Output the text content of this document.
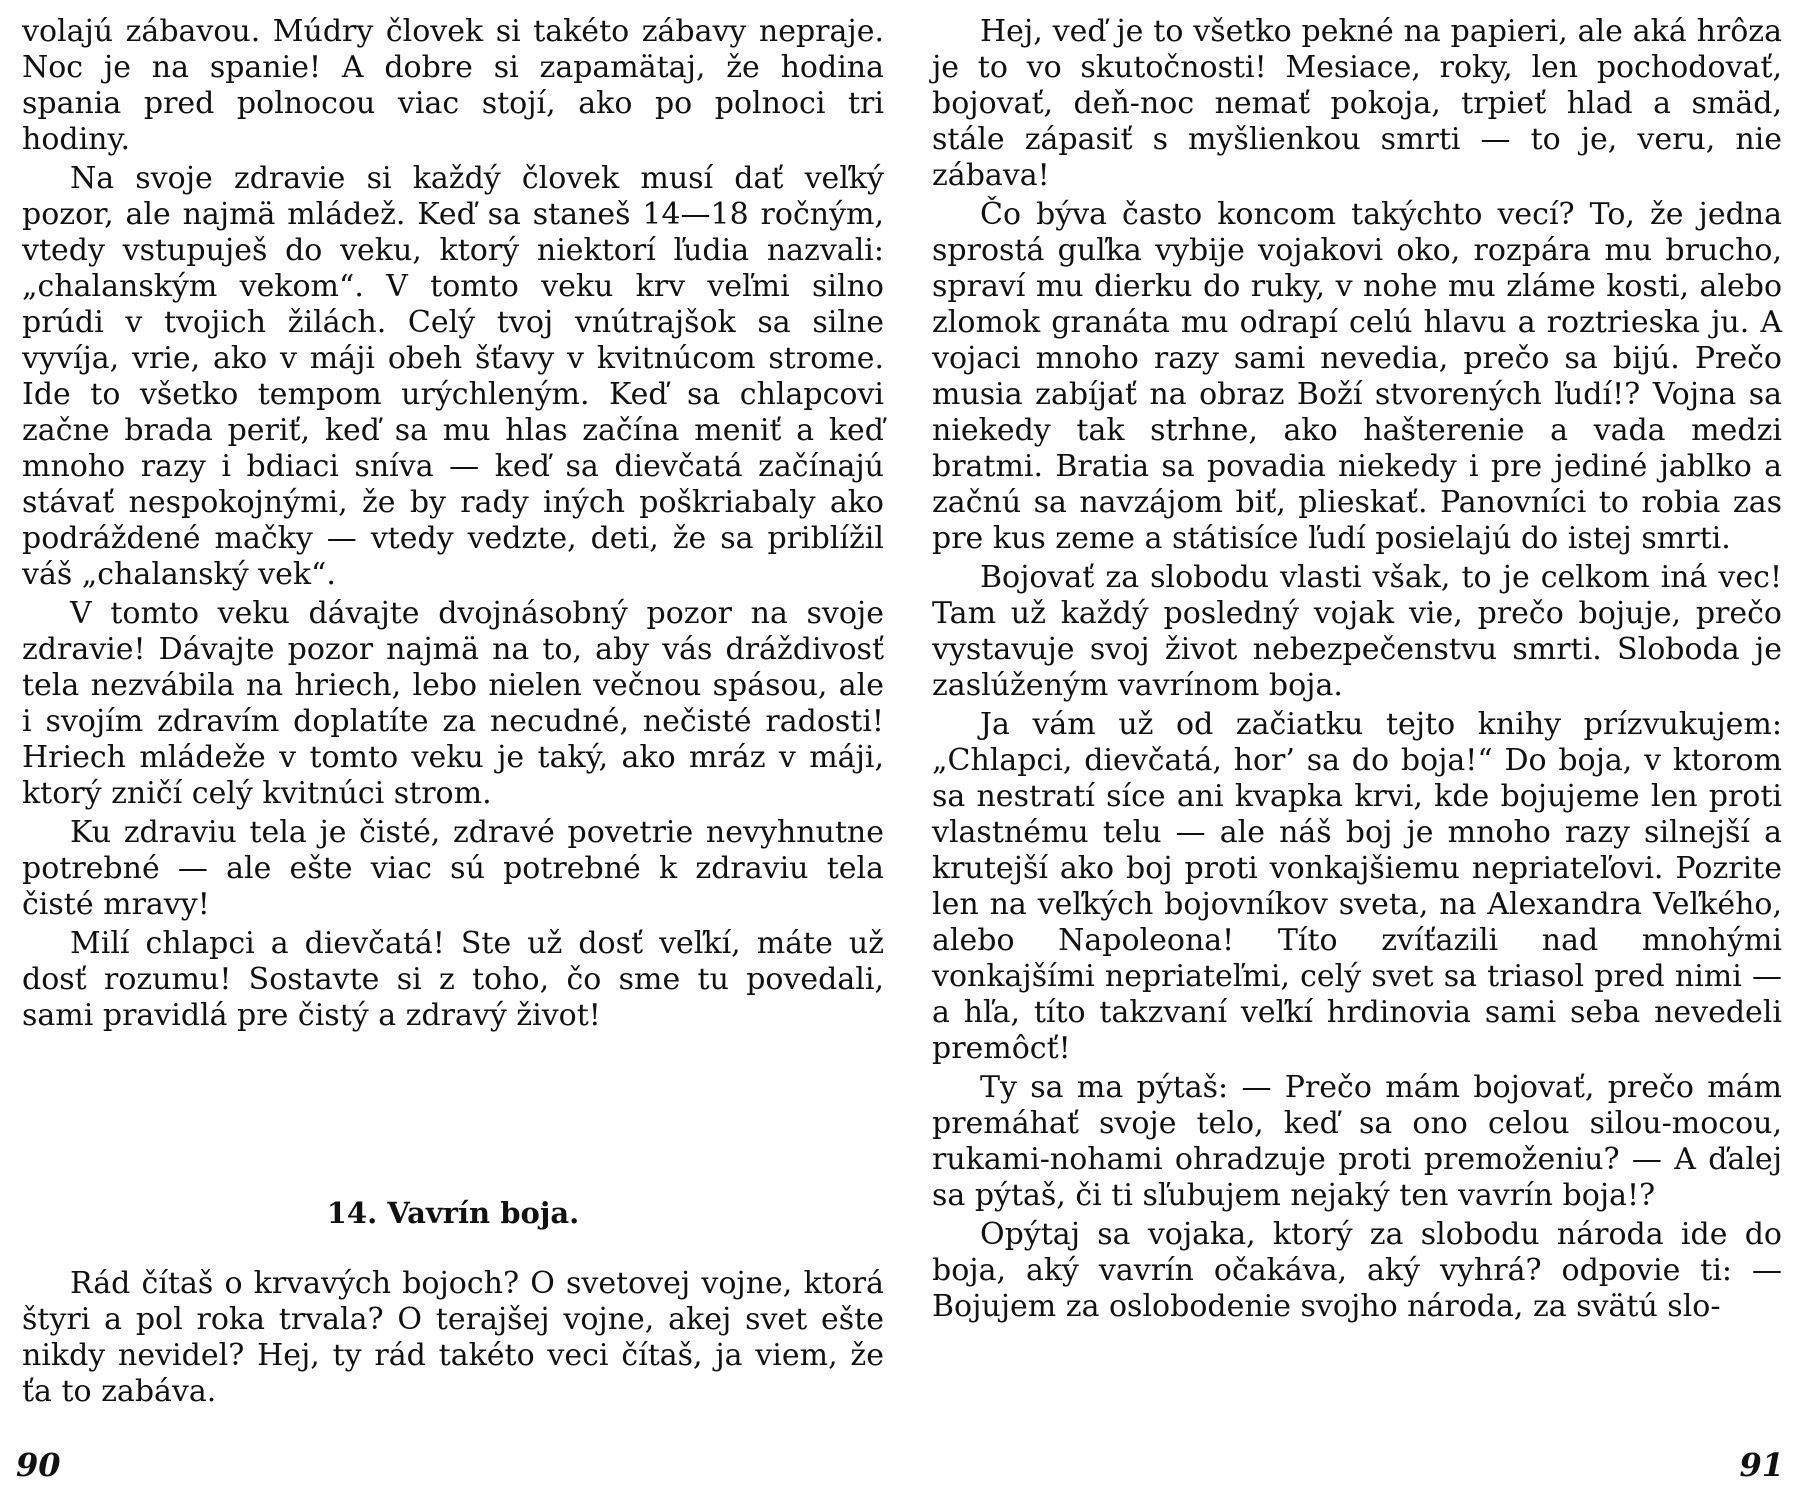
volajú zábavou. Múdry človek si takéto zábavy nepraje. Noc je na spanie! A dobre si zapamätaj, že hodina spania pred polnocou viac stojí, ako po polnoci tri hodiny.

Na svoje zdravie si každý človek musí dať veľký pozor, ale najmä mládež. Keď sa staneš 14—18 ročným, vtedy vstupuješ do veku, ktorý niektorí ľudia nazvali: „chalanským vekom“. V tomto veku krv veľmi silno prúdi v tvojich žilách. Celý tvoj vnútrajšok sa silne vyvíja, vrie, ako v máji obeh šťavy v kvitnúcom strome. Ide to všetko tempom urýchleným. Keď sa chlapcovi začne brada periť, keď sa mu hlas začína meniť a keď mnoho razy i bdiaci sníva — keď sa dievčatá začínajú stávať nespokojnými, že by rady iných poškriabaly ako podráždené mačky — vtedy vedzte, deti, že sa priblížil váš „chalanský vek“.

V tomto veku dávajte dvojnásobný pozor na svoje zdravie! Dávajte pozor najmä na to, aby vás dráždivosť tela nezvábila na hriech, lebo nielen večnou spásou, ale i svojím zdravím doplatíte za necudné, nečisté radosti! Hriech mládeže v tomto veku je taký, ako mráz v máji, ktorý zničí celý kvitnúci strom.

Ku zdraviu tela je čisté, zdravé povetrie nevyhnutne potrebné — ale ešte viac sú potrebné k zdraviu tela čisté mravy!

Milí chlapci a dievčatá! Ste už dosť veľkí, máte už dosť rozumu! Sostavte si z toho, čo sme tu povedali, sami pravidlá pre čistý a zdravý život!

14. Vavrín boja.

Rád čítaš o krvavých bojoch? O svetovej vojne, ktorá štyri a pol roka trvala? O terajšej vojne, akej svet ešte nikdy nevidel? Hej, ty rád takéto veci čítaš, ja viem, že ťa to zabáva.

Hej, veď je to všetko pekné na papieri, ale aká hrôza je to vo skutočnosti! Mesiace, roky, len pochodovať, bojovať, deň-noc nemať pokoja, trpieť hlad a smäd, stále zápasiť s myšlienkou smrti — to je, veru, nie zábava!

Čo býva často koncom takýchto vecí? To, že jedna sprostá guľka vybije vojakovi oko, rozpára mu brucho, spraví mu dierku do ruky, v nohe mu zláme kosti, alebo zlomok granáta mu odrapí celú hlavu a roztrieska ju. A vojaci mnoho razy sami nevedia, prečo sa bijú. Prečo musia zabíjať na obraz Boží stvorených ľudí!? Vojna sa niekedy tak strhne, ako hašterenie a vada medzi bratmi. Bratia sa povadia niekedy i pre jediné jablko a začnú sa navzájom biť, plieskať. Panovníci to robia zas pre kus zeme a státisíce ľudí posielajú do istej smrti.

Bojovať za slobodu vlasti však, to je celkom iná vec! Tam už každý posledný vojak vie, prečo bojuje, prečo vystavuje svoj život nebezpečenstvu smrti. Sloboda je zaslúženým vavrínom boja.

Ja vám už od začiatku tejto knihy prízvukujem: „Chlapci, dievčatá, hor’ sa do boja!“ Do boja, v ktorom sa nestratí síce ani kvapka krvi, kde bojujeme len proti vlastnému telu — ale náš boj je mnoho razy silnejší a krutejší ako boj proti vonkajšiemu nepriateľovi. Pozrite len na veľkých bojovníkov sveta, na Alexandra Veľkého, alebo Napoleona! Títo zvíťazili nad mnohými vonkajšími nepriateľmi, celý svet sa triasol pred nimi — a hľa, títo takzvaní veľkí hrdinovia sami seba nevedeli premôcť!

Ty sa ma pýtaš: — Prečo mám bojovať, prečo mám premáhať svoje telo, keď sa ono celou silou-mocou, rukami-nohami ohradzuje proti premoženiu? — A ďalej sa pýtaš, či ti sľubujem nejaký ten vavrín boja!?

Opýtaj sa vojaka, ktorý za slobodu národa ide do boja, aký vavrín očakáva, aký vyhrá? odpovie ti: — Bojujem za oslobodenie svojho národa, za svätú slo-

90	91
